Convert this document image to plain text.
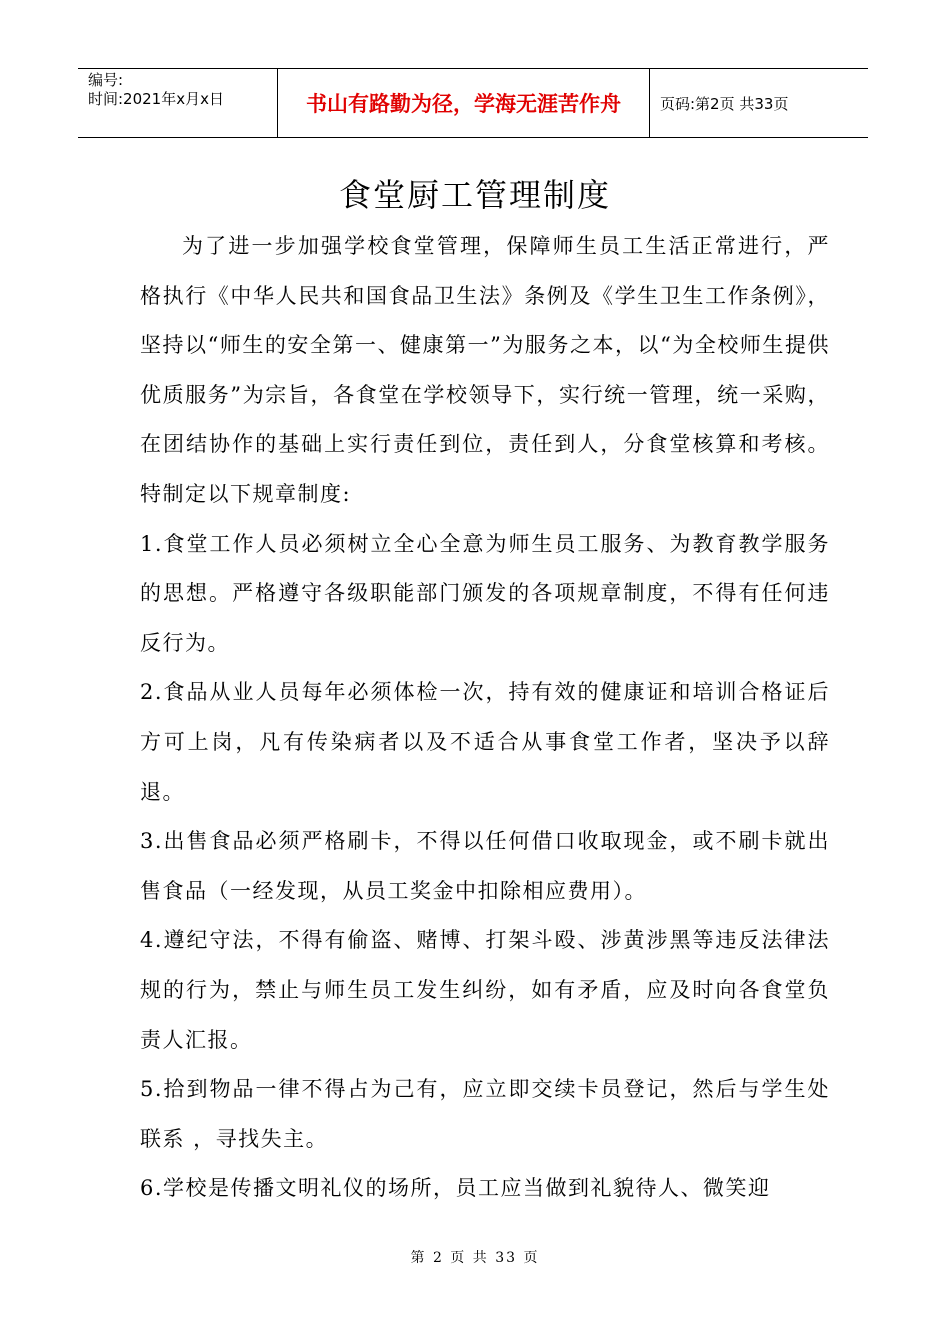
编号:
时间:2021年x月x日	书山有路勤为径，学海无涯苦作舟	页码:第2页 共33页
食堂厨工管理制度

为了进一步加强学校食堂管理，保障师生员工生活正常进行，严格执行《中华人民共和国食品卫生法》条例及《学生卫生工作条例》，坚持以“师生的安全第一、健康第一”为服务之本，以“为全校师生提供优质服务”为宗旨，各食堂在学校领导下，实行统一管理，统一采购，在团结协作的基础上实行责任到位，责任到人，分食堂核算和考核。特制定以下规章制度:

1.食堂工作人员必须树立全心全意为师生员工服务、为教育教学服务的思想。严格遵守各级职能部门颁发的各项规章制度，不得有任何违反行为。

2.食品从业人员每年必须体检一次，持有效的健康证和培训合格证后方可上岗，凡有传染病者以及不适合从事食堂工作者，坚决予以辞退。

3.出售食品必须严格刷卡，不得以任何借口收取现金，或不刷卡就出售食品（一经发现，从员工奖金中扣除相应费用）。

4.遵纪守法，不得有偷盗、赌博、打架斗殴、涉黄涉黑等违反法律法规的行为，禁止与师生员工发生纠纷，如有矛盾，应及时向各食堂负责人汇报。

5.拾到物品一律不得占为己有，应立即交续卡员登记，然后与学生处联系 ，寻找失主。

6.学校是传播文明礼仪的场所，员工应当做到礼貌待人、微笑迎

第 2 页 共 33 页
